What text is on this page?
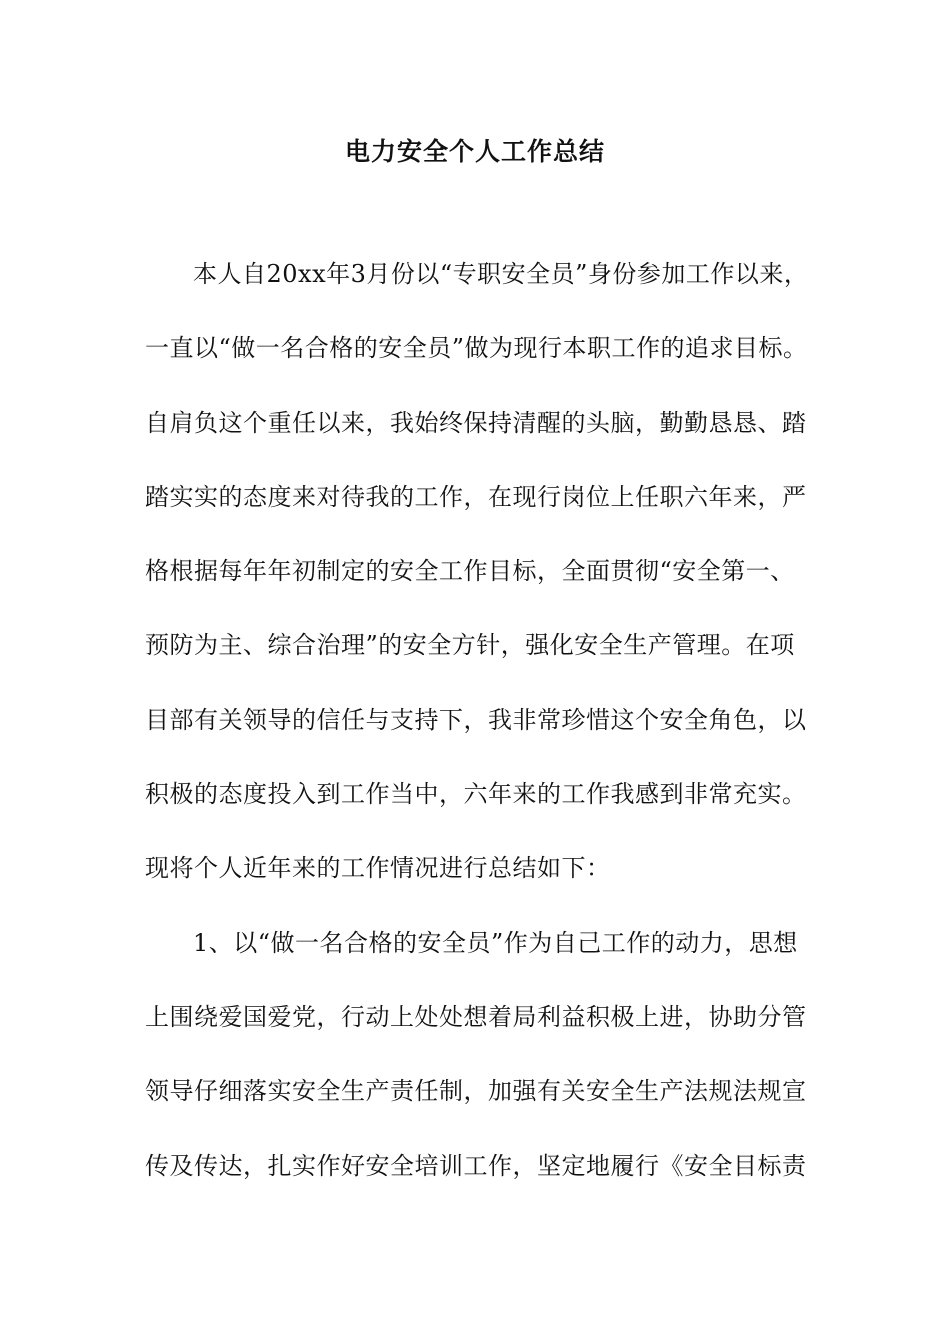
电力安全个人工作总结
本人自20xx年3月份以“专职安全员”身份参加工作以来，
一直以“做一名合格的安全员”做为现行本职工作的追求目标。
自肩负这个重任以来，我始终保持清醒的头脑，勤勤恳恳、踏
踏实实的态度来对待我的工作，在现行岗位上任职六年来，严
格根据每年年初制定的安全工作目标，全面贯彻“安全第一、
预防为主、综合治理”的安全方针，强化安全生产管理。在项
目部有关领导的信任与支持下，我非常珍惜这个安全角色，以
积极的态度投入到工作当中，六年来的工作我感到非常充实。
现将个人近年来的工作情况进行总结如下：
1、以“做一名合格的安全员”作为自己工作的动力，思想
上围绕爱国爱党，行动上处处想着局利益积极上进，协助分管
领导仔细落实安全生产责任制，加强有关安全生产法规法规宣
传及传达，扎实作好安全培训工作，坚定地履行《安全目标责
